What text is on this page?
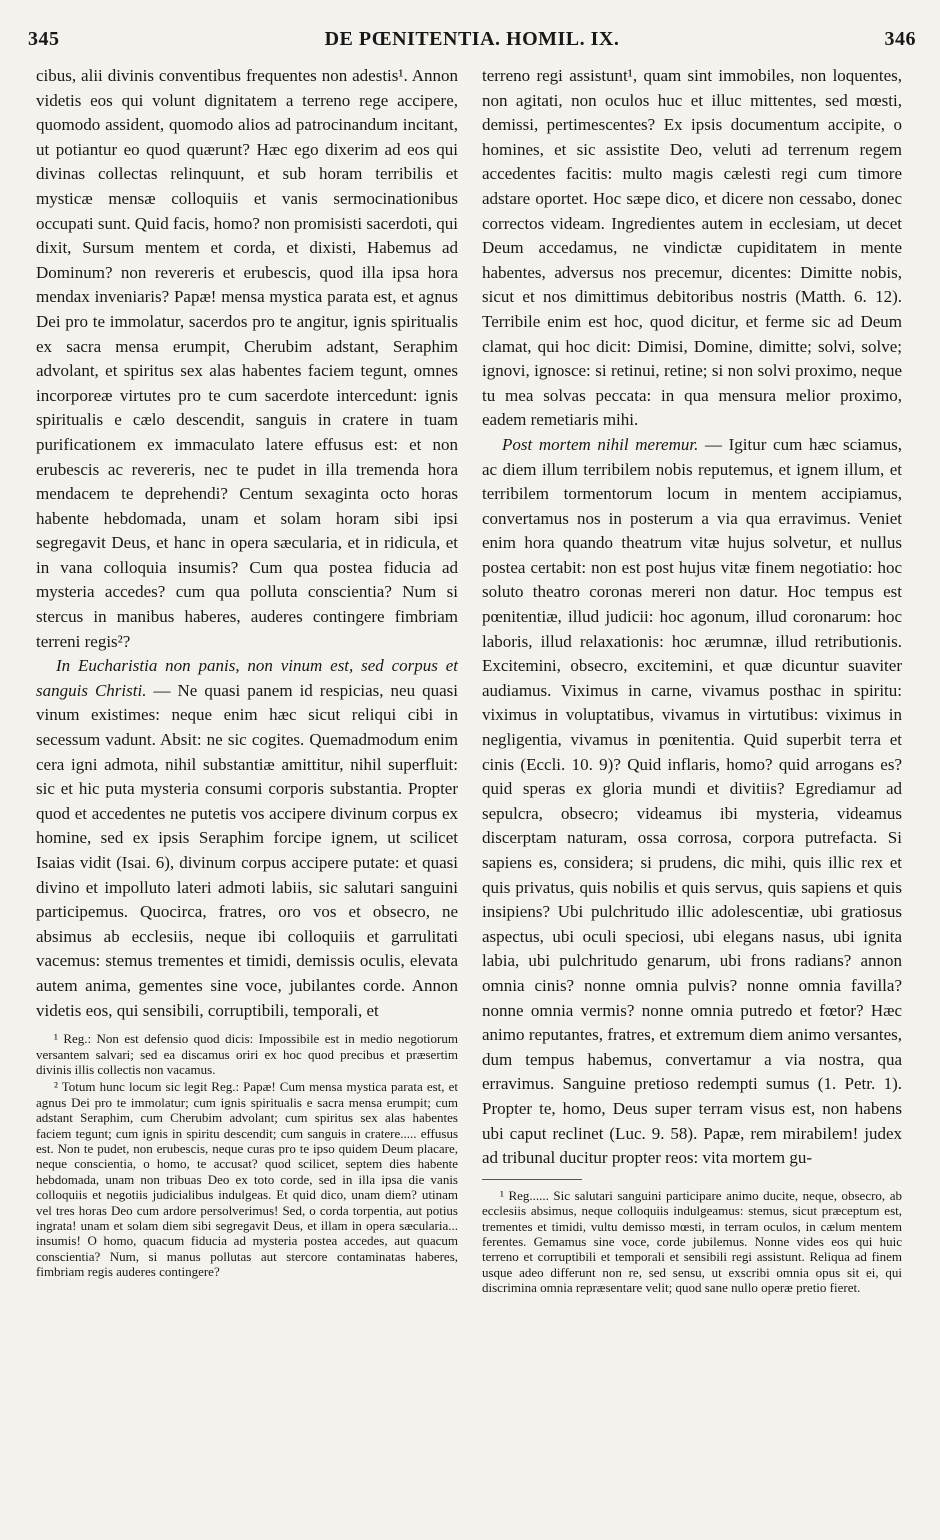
345	DE PŒNITENTIA. HOMIL. IX.	346

cibus, alii divinis conventibus frequentes non adestis¹. Annon videtis eos qui volunt dignitatem a terreno rege accipere, quomodo assident, quomodo alios ad patrocinandum incitant, ut potiantur eo quod quærunt? Hæc ego dixerim ad eos qui divinas collectas relinquunt, et sub horam terribilis et mysticæ mensæ colloquiis et vanis sermocinationibus occupati sunt. Quid facis, homo? non promisisti sacerdoti, qui dixit, Sursum mentem et corda, et dixisti, Habemus ad Dominum? non revereris et erubescis, quod illa ipsa hora mendax inveniaris? Papæ! mensa mystica parata est, et agnus Dei pro te immolatur, sacerdos pro te angitur, ignis spiritualis ex sacra mensa erumpit, Cherubim adstant, Seraphim advolant, et spiritus sex alas habentes faciem tegunt, omnes incorporeæ virtutes pro te cum sacerdote intercedunt: ignis spiritualis e cælo descendit, sanguis in cratere in tuam purificationem ex immaculato latere effusus est: et non erubescis ac revereris, nec te pudet in illa tremenda hora mendacem te deprehendi? Centum sexaginta octo horas habente hebdomada, unam et solam horam sibi ipsi segregavit Deus, et hanc in opera sæcularia, et in ridicula, et in vana colloquia insumis? Cum qua postea fiducia ad mysteria accedes? cum qua polluta conscientia? Num si stercus in manibus haberes, auderes contingere fimbriam terreni regis²?

In Eucharistia non panis, non vinum est, sed corpus et sanguis Christi. — Ne quasi panem id respicias, neu quasi vinum existimes: neque enim hæc sicut reliqui cibi in secessum vadunt. Absit: ne sic cogites. Quemadmodum enim cera igni admota, nihil substantiæ amittitur, nihil superfluit: sic et hic puta mysteria consumi corporis substantia. Propter quod et accedentes ne putetis vos accipere divinum corpus ex homine, sed ex ipsis Seraphim forcipe ignem, ut scilicet Isaias vidit (Isai. 6), divinum corpus accipere putate: et quasi divino et impolluto lateri admoti labiis, sic salutari sanguini participemus. Quocirca, fratres, oro vos et obsecro, ne absimus ab ecclesiis, neque ibi colloquiis et garrulitati vacemus: stemus trementes et timidi, demissis oculis, elevata autem anima, gementes sine voce, jubilantes corde. Annon videtis eos, qui sensibili, corruptibili, temporali, et

¹ Reg.: Non est defensio quod dicis: Impossibile est in medio negotiorum versantem salvari; sed ea discamus oriri ex hoc quod precibus et præsertim divinis illis collectis non vacamus.

² Totum hunc locum sic legit Reg.: Papæ! Cum mensa mystica parata est, et agnus Dei pro te immolatur; cum ignis spiritualis e sacra mensa erumpit; cum adstant Seraphim, cum Cherubim advolant; cum spiritus sex alas habentes faciem tegunt; cum ignis in spiritu descendit; cum sanguis in cratere..... effusus est. Non te pudet, non erubescis, neque curas pro te ipso quidem Deum placare, neque conscientia, o homo, te accusat? quod scilicet, septem dies habente hebdomada, unam non tribuas Deo ex toto corde, sed in illa ipsa die vanis colloquiis et negotiis judicialibus indulgeas. Et quid dico, unam diem? utinam vel tres horas Deo cum ardore persolverimus! Sed, o corda torpentia, aut potius ingrata! unam et solam diem sibi segregavit Deus, et illam in opera sæcularia... insumis! O homo, quacum fiducia ad mysteria postea accedes, aut quacum conscientia? Num, si manus pollutas aut stercore contaminatas haberes, fimbriam regis auderes contingere?

terreno regi assistunt¹, quam sint immobiles, non loquentes, non agitati, non oculos huc et illuc mittentes, sed mœsti, demissi, pertimescentes? Ex ipsis documentum accipite, o homines, et sic assistite Deo, veluti ad terrenum regem accedentes facitis: multo magis cælesti regi cum timore adstare oportet. Hoc sæpe dico, et dicere non cessabo, donec correctos videam. Ingredientes autem in ecclesiam, ut decet Deum accedamus, ne vindictæ cupiditatem in mente habentes, adversus nos precemur, dicentes: Dimitte nobis, sicut et nos dimittimus debitoribus nostris (Matth. 6. 12). Terribile enim est hoc, quod dicitur, et ferme sic ad Deum clamat, qui hoc dicit: Dimisi, Domine, dimitte; solvi, solve; ignovi, ignosce: si retinui, retine; si non solvi proximo, neque tu mea solvas peccata: in qua mensura melior proximo, eadem remetiaris mihi.

Post mortem nihil meremur. — Igitur cum hæc sciamus, ac diem illum terribilem nobis reputemus, et ignem illum, et terribilem tormentorum locum in mentem accipiamus, convertamus nos in posterum a via qua erravimus. Veniet enim hora quando theatrum vitæ hujus solvetur, et nullus postea certabit: non est post hujus vitæ finem negotiatio: hoc soluto theatro coronas mereri non datur. Hoc tempus est pœnitentiæ, illud judicii: hoc agonum, illud coronarum: hoc laboris, illud relaxationis: hoc ærumnæ, illud retributionis. Excitemini, obsecro, excitemini, et quæ dicuntur suaviter audiamus. Viximus in carne, vivamus posthac in spiritu: viximus in voluptatibus, vivamus in virtutibus: viximus in negligentia, vivamus in pœnitentia. Quid superbit terra et cinis (Eccli. 10. 9)? Quid inflaris, homo? quid arrogans es? quid speras ex gloria mundi et divitiis? Egrediamur ad sepulcra, obsecro; videamus ibi mysteria, videamus discerptam naturam, ossa corrosa, corpora putrefacta. Si sapiens es, considera; si prudens, dic mihi, quis illic rex et quis privatus, quis nobilis et quis servus, quis sapiens et quis insipiens? Ubi pulchritudo illic adolescentiæ, ubi gratiosus aspectus, ubi oculi speciosi, ubi elegans nasus, ubi ignita labia, ubi pulchritudo genarum, ubi frons radians? annon omnia cinis? nonne omnia pulvis? nonne omnia favilla? nonne omnia vermis? nonne omnia putredo et fœtor? Hæc animo reputantes, fratres, et extremum diem animo versantes, dum tempus habemus, convertamur a via nostra, qua erravimus. Sanguine pretioso redempti sumus (1. Petr. 1). Propter te, homo, Deus super terram visus est, non habens ubi caput reclinet (Luc. 9. 58). Papæ, rem mirabilem! judex ad tribunal ducitur propter reos: vita mortem gu-

¹ Reg...... Sic salutari sanguini participare animo ducite, neque, obsecro, ab ecclesiis absimus, neque colloquiis indulgeamus: stemus, sicut præceptum est, trementes et timidi, vultu demisso mœsti, in terram oculos, in cælum mentem ferentes. Gemamus sine voce, corde jubilemus. Nonne vides eos qui huic terreno et corruptibili et temporali et sensibili regi assistunt. Reliqua ad finem usque adeo differunt non re, sed sensu, ut exscribi omnia opus sit ei, qui discrimina omnia repræsentare velit; quod sane nullo operæ pretio fieret.
